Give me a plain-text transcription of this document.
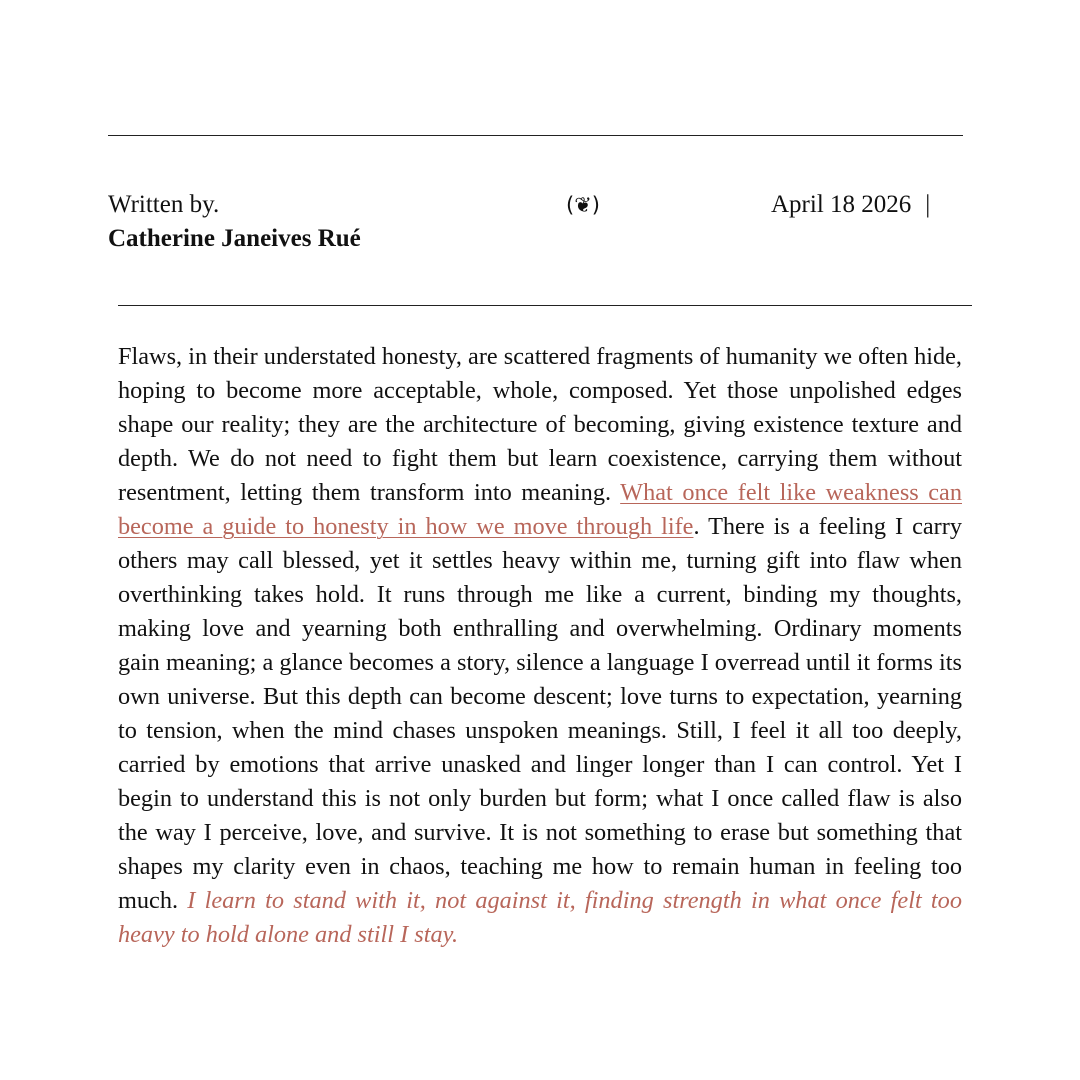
Written by.
Catherine Janeives Rué
(❦)	April 18 2026 |

Flaws, in their understated honesty, are scattered fragments of humanity we often hide, hoping to become more acceptable, whole, composed. Yet those unpolished edges shape our reality; they are the architecture of becoming, giving existence texture and depth. We do not need to fight them but learn coexistence, carrying them without resentment, letting them transform into meaning. What once felt like weakness can become a guide to honesty in how we move through life. There is a feeling I carry others may call blessed, yet it settles heavy within me, turning gift into flaw when overthinking takes hold. It runs through me like a current, binding my thoughts, making love and yearning both enthralling and overwhelming. Ordinary moments gain meaning; a glance becomes a story, silence a language I overread until it forms its own universe. But this depth can become descent; love turns to expectation, yearning to tension, when the mind chases unspoken meanings. Still, I feel it all too deeply, carried by emotions that arrive unasked and linger longer than I can control. Yet I begin to understand this is not only burden but form; what I once called flaw is also the way I perceive, love, and survive. It is not something to erase but something that shapes my clarity even in chaos, teaching me how to remain human in feeling too much. I learn to stand with it, not against it, finding strength in what once felt too heavy to hold alone and still I stay.
